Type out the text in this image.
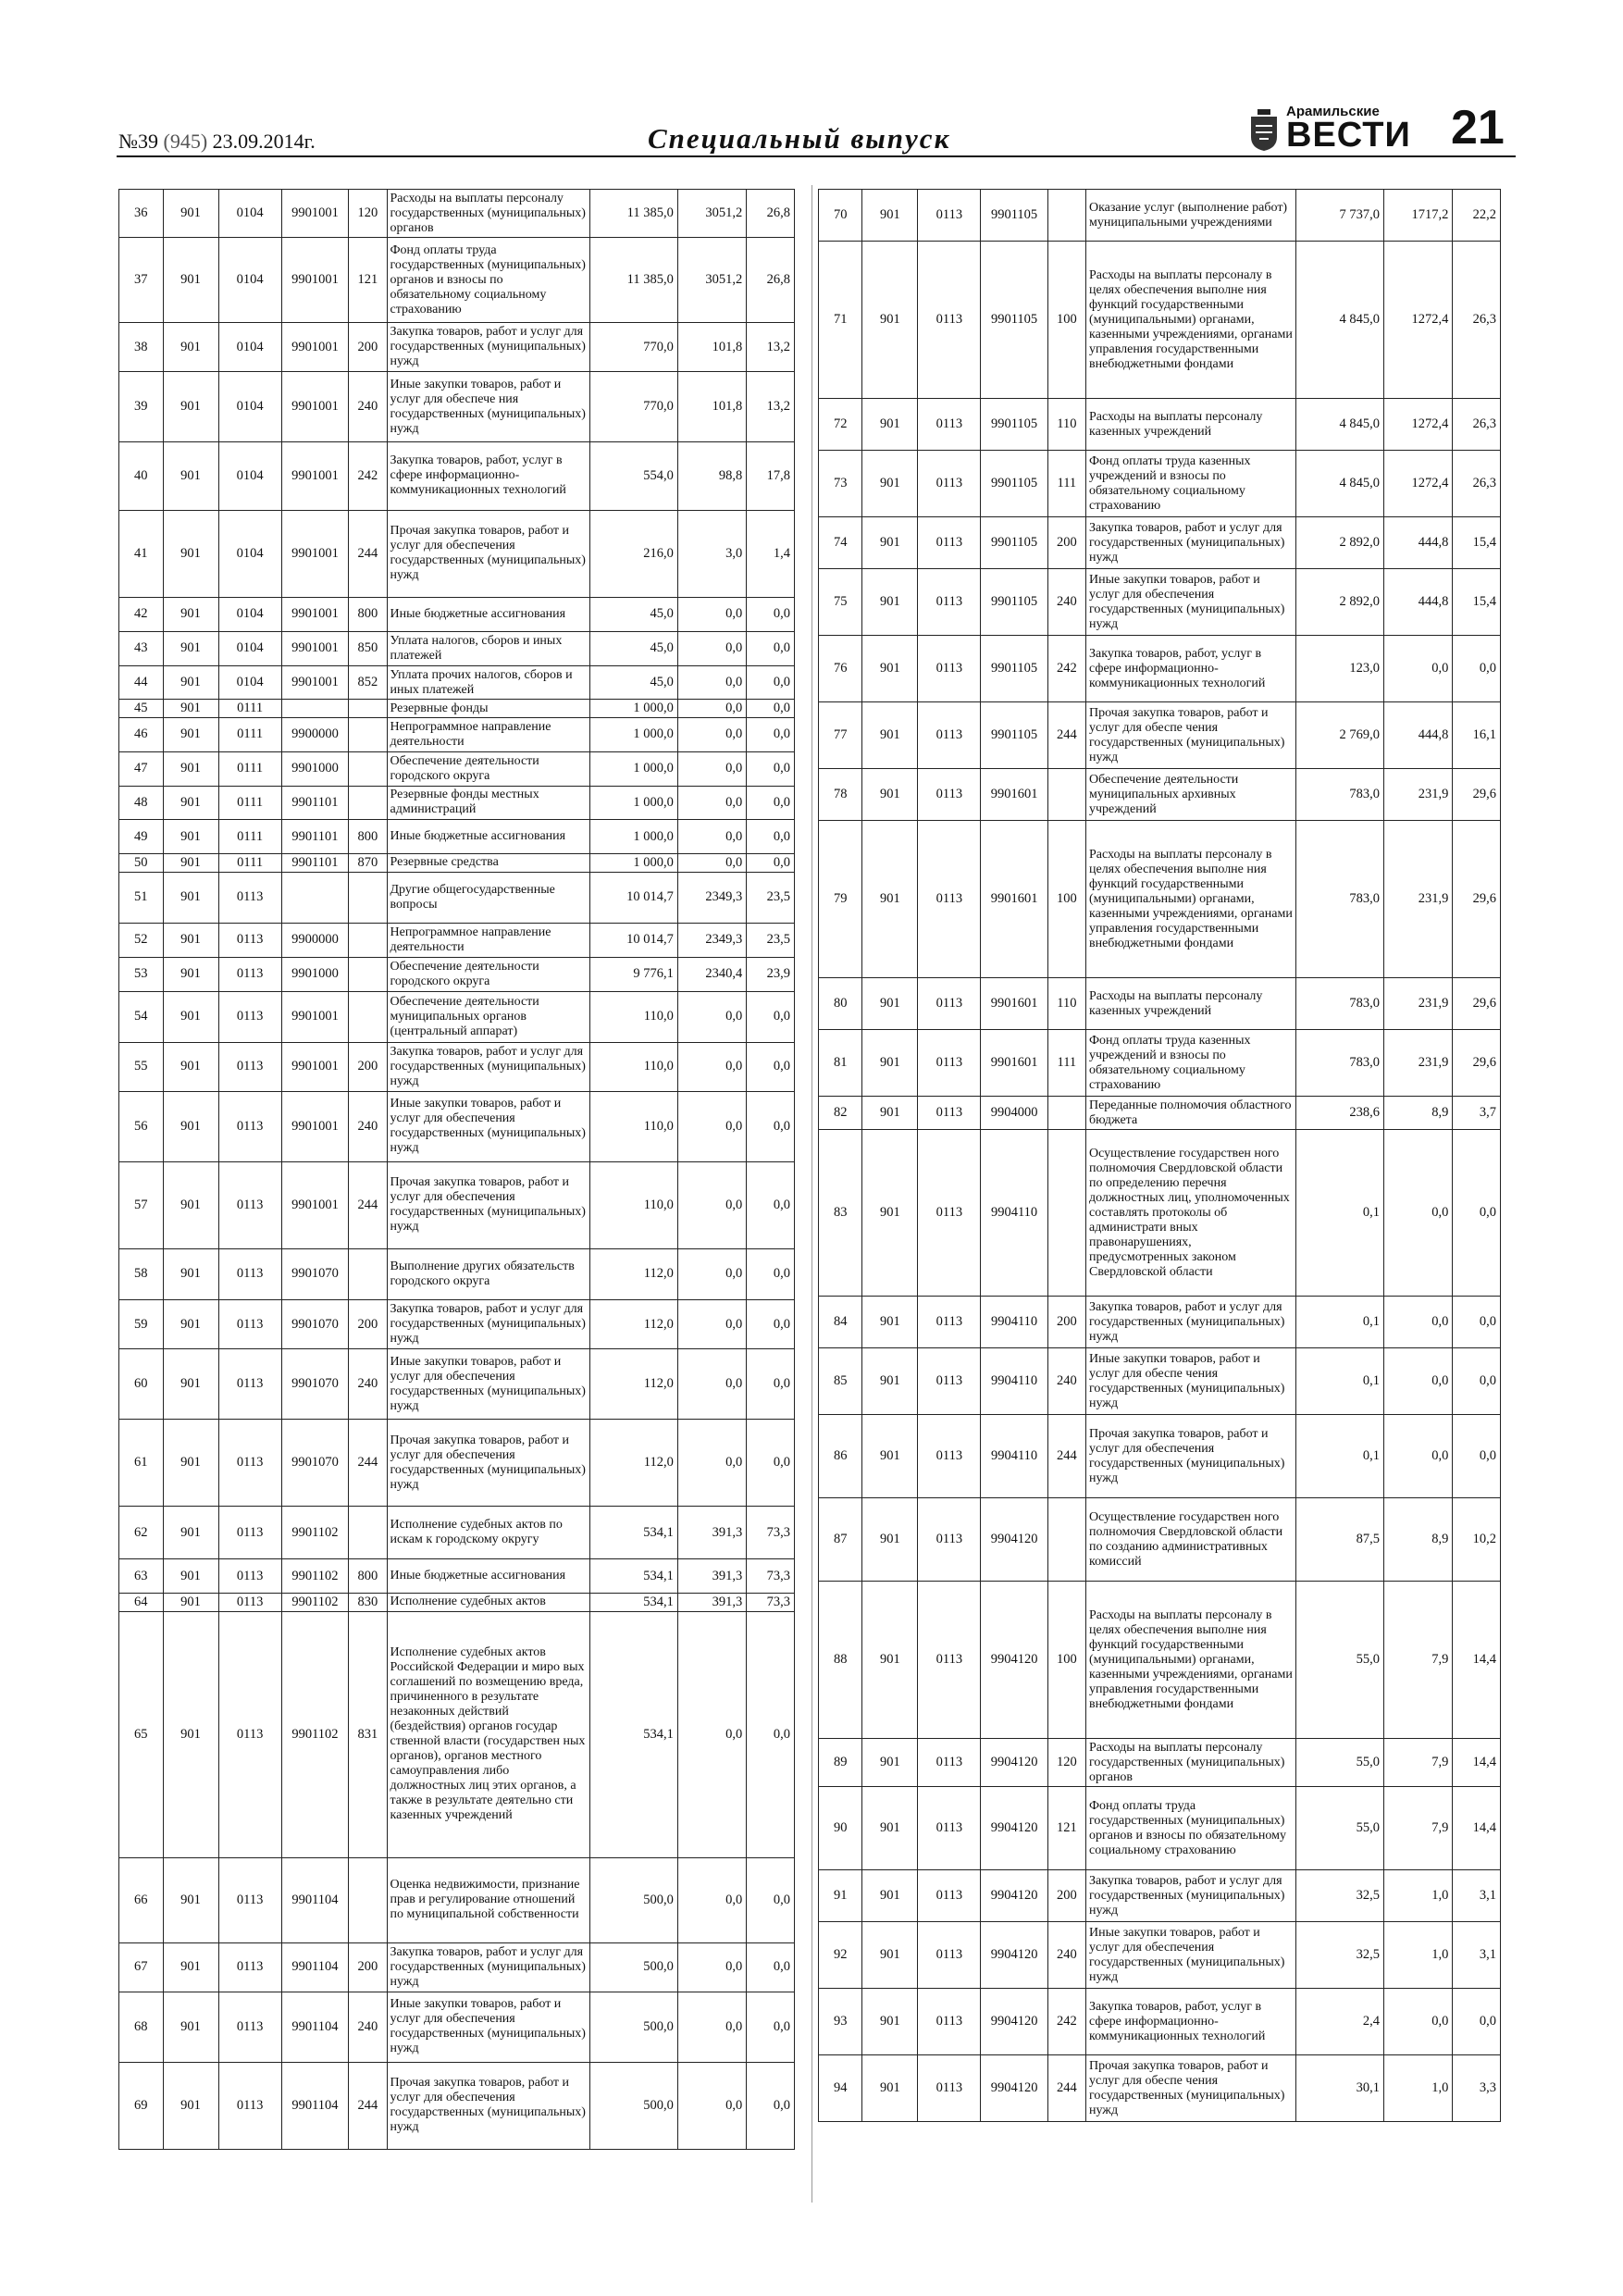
№39 (945) 23.09.2014г.	Специальный выпуск
Арамильские
ВЕСТИ 21
36	901	0104	9901001	120	Расходы на выплаты персоналу государственных (муниципальных) органов	11 385,0	3051,2	26,8
37	901	0104	9901001	121	Фонд оплаты труда государственных (муниципальных) органов и взносы по обязательному социальному страхованию	11 385,0	3051,2	26,8
38	901	0104	9901001	200	Закупка товаров, работ и услуг для государственных (муниципальных) нужд	770,0	101,8	13,2
39	901	0104	9901001	240	Иные закупки товаров, работ и услуг для обеспече ния государственных (муниципальных) нужд	770,0	101,8	13,2
40	901	0104	9901001	242	Закупка товаров, работ, услуг в сфере информационно-коммуникационных технологий	554,0	98,8	17,8
41	901	0104	9901001	244	Прочая закупка товаров, работ и услуг для обеспечения государственных (муниципальных) нужд	216,0	3,0	1,4
42	901	0104	9901001	800	Иные бюджетные ассигнования	45,0	0,0	0,0
43	901	0104	9901001	850	Уплата налогов, сборов и иных платежей	45,0	0,0	0,0
44	901	0104	9901001	852	Уплата прочих налогов, сборов и иных платежей	45,0	0,0	0,0
45	901	0111			Резервные фонды	1 000,0	0,0	0,0
46	901	0111	9900000		Непрограммное направление деятельности	1 000,0	0,0	0,0
47	901	0111	9901000		Обеспечение деятельности городского округа	1 000,0	0,0	0,0
48	901	0111	9901101		Резервные фонды местных администраций	1 000,0	0,0	0,0
49	901	0111	9901101	800	Иные бюджетные ассигнования	1 000,0	0,0	0,0
50	901	0111	9901101	870	Резервные средства	1 000,0	0,0	0,0
51	901	0113			Другие общегосударственные вопросы	10 014,7	2349,3	23,5
52	901	0113	9900000		Непрограммное направление деятельности	10 014,7	2349,3	23,5
53	901	0113	9901000		Обеспечение деятельности городского округа	9 776,1	2340,4	23,9
54	901	0113	9901001		Обеспечение деятельности муниципальных органов (центральный аппарат)	110,0	0,0	0,0
55	901	0113	9901001	200	Закупка товаров, работ и услуг для государственных (муниципальных) нужд	110,0	0,0	0,0
56	901	0113	9901001	240	Иные закупки товаров, работ и услуг для обеспечения государственных (муниципальных) нужд	110,0	0,0	0,0
57	901	0113	9901001	244	Прочая закупка товаров, работ и услуг для обеспечения государственных (муниципальных) нужд	110,0	0,0	0,0
58	901	0113	9901070		Выполнение других обязательств городского округа	112,0	0,0	0,0
59	901	0113	9901070	200	Закупка товаров, работ и услуг для государственных (муниципальных) нужд	112,0	0,0	0,0
60	901	0113	9901070	240	Иные закупки товаров, работ и услуг для обеспечения государственных (муниципальных) нужд	112,0	0,0	0,0
61	901	0113	9901070	244	Прочая закупка товаров, работ и услуг для обеспечения государственных (муниципальных) нужд	112,0	0,0	0,0
62	901	0113	9901102		Исполнение судебных актов по искам к городскому округу	534,1	391,3	73,3
63	901	0113	9901102	800	Иные бюджетные ассигнования	534,1	391,3	73,3
64	901	0113	9901102	830	Исполнение судебных актов	534,1	391,3	73,3
65	901	0113	9901102	831	Исполнение судебных актов Российской Федерации и миро вых соглашений по возмещению вреда, причиненного в результате незаконных действий (бездействия) органов государ ственной власти (государствен ных органов), органов местного самоуправления либо должностных лиц этих органов, а также в результате деятельно сти казенных учреждений	534,1	0,0	0,0
66	901	0113	9901104		Оценка недвижимости, признание прав и регулирование отношений по муниципальной собственности	500,0	0,0	0,0
67	901	0113	9901104	200	Закупка товаров, работ и услуг для государственных (муниципальных) нужд	500,0	0,0	0,0
68	901	0113	9901104	240	Иные закупки товаров, работ и услуг для обеспечения государственных (муниципальных) нужд	500,0	0,0	0,0
69	901	0113	9901104	244	Прочая закупка товаров, работ и услуг для обеспечения государственных (муниципальных) нужд	500,0	0,0	0,0
70	901	0113	9901105		Оказание услуг (выполнение работ) муниципальными учреждениями	7 737,0	1717,2	22,2
71	901	0113	9901105	100	Расходы на выплаты персоналу в целях обеспечения выполне ния функций государственными (муниципальными) органами, казенными учреждениями, органами управления государственными внебюджетными фондами	4 845,0	1272,4	26,3
72	901	0113	9901105	110	Расходы на выплаты персоналу казенных учреждений	4 845,0	1272,4	26,3
73	901	0113	9901105	111	Фонд оплаты труда казенных учреждений и взносы по обязательному социальному страхованию	4 845,0	1272,4	26,3
74	901	0113	9901105	200	Закупка товаров, работ и услуг для государственных (муниципальных) нужд	2 892,0	444,8	15,4
75	901	0113	9901105	240	Иные закупки товаров, работ и услуг для обеспечения государственных (муниципальных) нужд	2 892,0	444,8	15,4
76	901	0113	9901105	242	Закупка товаров, работ, услуг в сфере информационно-коммуникационных технологий	123,0	0,0	0,0
77	901	0113	9901105	244	Прочая закупка товаров, работ и услуг для обеспе чения государственных (муниципальных) нужд	2 769,0	444,8	16,1
78	901	0113	9901601		Обеспечение деятельности муниципальных архивных учреждений	783,0	231,9	29,6
79	901	0113	9901601	100	Расходы на выплаты персоналу в целях обеспечения выполне ния функций государственными (муниципальными) органами, казенными учреждениями, органами управления государственными внебюджетными фондами	783,0	231,9	29,6
80	901	0113	9901601	110	Расходы на выплаты персоналу казенных учреждений	783,0	231,9	29,6
81	901	0113	9901601	111	Фонд оплаты труда казенных учреждений и взносы по обязательному социальному страхованию	783,0	231,9	29,6
82	901	0113	9904000		Переданные полномочия областного бюджета	238,6	8,9	3,7
83	901	0113	9904110		Осуществление государствен ного полномочия Свердловской области по определению перечня должностных лиц, уполномоченных составлять протоколы об администрати вных правонарушениях, предусмотренных законом Свердловской области	0,1	0,0	0,0
84	901	0113	9904110	200	Закупка товаров, работ и услуг для государственных (муниципальных) нужд	0,1	0,0	0,0
85	901	0113	9904110	240	Иные закупки товаров, работ и услуг для обеспе чения государственных (муниципальных) нужд	0,1	0,0	0,0
86	901	0113	9904110	244	Прочая закупка товаров, работ и услуг для обеспечения государственных (муниципальных) нужд	0,1	0,0	0,0
87	901	0113	9904120		Осуществление государствен ного полномочия Свердловской области по созданию административных комиссий	87,5	8,9	10,2
88	901	0113	9904120	100	Расходы на выплаты персоналу в целях обеспечения выполне ния функций государственными (муниципальными) органами, казенными учреждениями, органами управления государственными внебюджетными фондами	55,0	7,9	14,4
89	901	0113	9904120	120	Расходы на выплаты персоналу государственных (муниципальных) органов	55,0	7,9	14,4
90	901	0113	9904120	121	Фонд оплаты труда государственных (муниципальных) органов и взносы по обязательному социальному страхованию	55,0	7,9	14,4
91	901	0113	9904120	200	Закупка товаров, работ и услуг для государственных (муниципальных) нужд	32,5	1,0	3,1
92	901	0113	9904120	240	Иные закупки товаров, работ и услуг для обеспечения государственных (муниципальных) нужд	32,5	1,0	3,1
93	901	0113	9904120	242	Закупка товаров, работ, услуг в сфере информационно-коммуникационных технологий	2,4	0,0	0,0
94	901	0113	9904120	244	Прочая закупка товаров, работ и услуг для обеспе чения государственных (муниципальных) нужд	30,1	1,0	3,3
